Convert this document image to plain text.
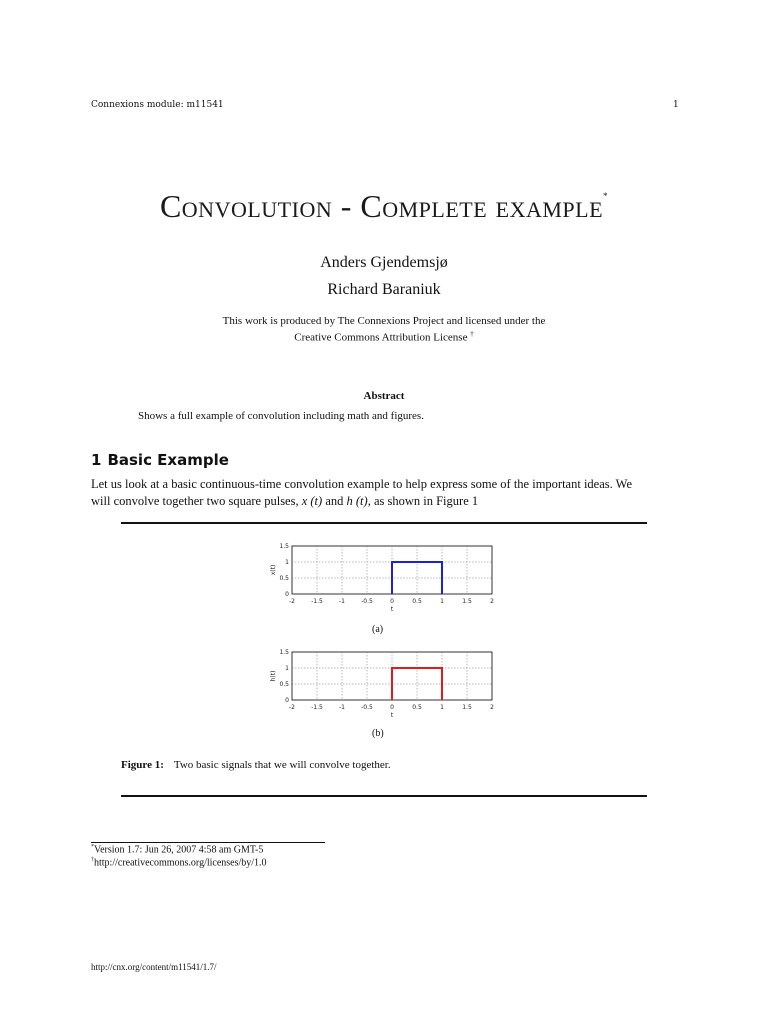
Connexions module: m11541	1
Convolution - Complete example*
Anders Gjendemsjø
Richard Baraniuk
This work is produced by The Connexions Project and licensed under the
Creative Commons Attribution License †
Abstract
Shows a full example of convolution including math and figures.
1 Basic Example
Let us look at a basic continuous-time convolution example to help express some of the important ideas. We
will convolve together two square pulses, x (t) and h (t), as shown in Figure 1
-2	-1.5	-1	-0.5	0	0.5	1	1.5	2
0
0.5
1
1.5
t
x(t)
(a)
-2	-1.5	-1	-0.5	0	0.5	1	1.5	2
0
0.5
1
1.5
t
h(t)
(b)
Figure 1: Two basic signals that we will convolve together.
*Version 1.7: Jun 26, 2007 4:58 am GMT-5
†http://creativecommons.org/licenses/by/1.0
http://cnx.org/content/m11541/1.7/
